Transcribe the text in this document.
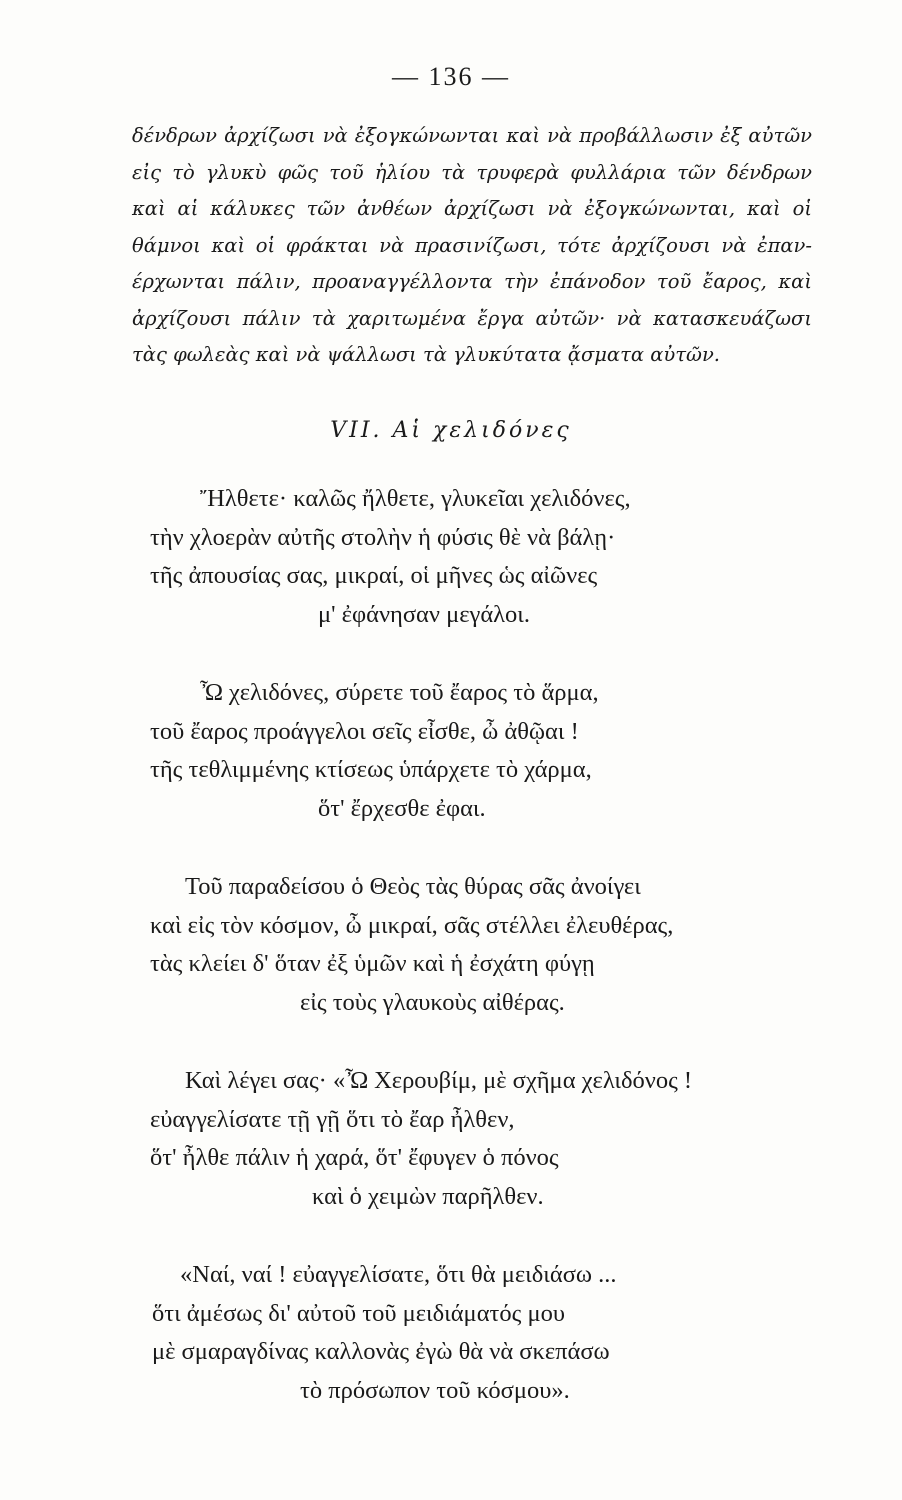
— 136 —
δένδρων ἀρχίζωσι νὰ ἐξογκώνωνται καὶ νὰ προβάλλωσιν ἐξ αὐτῶν
εἰς τὸ γλυκὺ φῶς τοῦ ἡλίου τὰ τρυφερὰ φυλλάρια τῶν δένδρων
καὶ αἱ κάλυκες τῶν ἀνθέων ἀρχίζωσι νὰ ἐξογκώνωνται, καὶ οἱ
θάμνοι καὶ οἱ φράκται νὰ πρασινίζωσι, τότε ἀρχίζουσι νὰ ἐπαν-
έρχωνται πάλιν, προαναγγέλλοντα τὴν ἐπάνοδον τοῦ ἔαρος, καὶ
ἀρχίζουσι πάλιν τὰ χαριτωμένα ἔργα αὐτῶν· νὰ κατασκευάζωσι
τὰς φωλεὰς καὶ νὰ ψάλλωσι τὰ γλυκύτατα ᾄσματα αὐτῶν.
VII. Αἱ χελιδόνες
Ἤλθετε· καλῶς ἤλθετε, γλυκεῖαι χελιδόνες,
τὴν χλοερὰν αὐτῆς στολὴν ἡ φύσις θὲ νὰ βάλῃ·
τῆς ἀπουσίας σας, μικραί, οἱ μῆνες ὡς αἰῶνες
μ' ἐφάνησαν μεγάλοι.
Ὦ χελιδόνες, σύρετε τοῦ ἔαρος τὸ ἅρμα,
τοῦ ἔαρος προάγγελοι σεῖς εἶσθε, ὦ ἀθῷαι !
τῆς τεθλιμμένης κτίσεως ὑπάρχετε τὸ χάρμα,
ὅτ' ἔρχεσθε ἐφαι.
Τοῦ παραδείσου ὁ Θεὸς τὰς θύρας σᾶς ἀνοίγει
καὶ εἰς τὸν κόσμον, ὦ μικραί, σᾶς στέλλει ἐλευθέρας,
τὰς κλείει δ' ὅταν ἐξ ὑμῶν καὶ ἡ ἐσχάτη φύγῃ
εἰς τοὺς γλαυκοὺς αἰθέρας.
Καὶ λέγει σας· «Ὦ Χερουβίμ, μὲ σχῆμα χελιδόνος !
εὐαγγελίσατε τῇ γῇ ὅτι τὸ ἔαρ ἦλθεν,
ὅτ' ἦλθε πάλιν ἡ χαρά, ὅτ' ἔφυγεν ὁ πόνος
καὶ ὁ χειμὼν παρῆλθεν.
«Ναί, ναί ! εὐαγγελίσατε, ὅτι θὰ μειδιάσω ...
ὅτι ἀμέσως δι' αὐτοῦ τοῦ μειδιάματός μου
μὲ σμαραγδίνας καλλονὰς ἐγὼ θὰ νὰ σκεπάσω
τὸ πρόσωπον τοῦ κόσμου».
